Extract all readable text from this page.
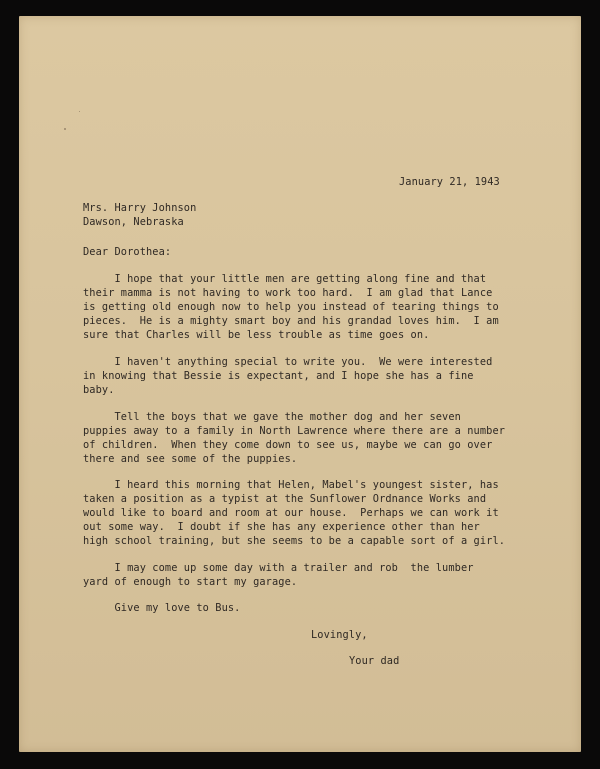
January 21, 1943
Mrs. Harry Johnson
Dawson, Nebraska
Dear Dorothea:
I hope that your little men are getting along fine and that
their mamma is not having to work too hard.  I am glad that Lance
is getting old enough now to help you instead of tearing things to
pieces.  He is a mighty smart boy and his grandad loves him.  I am
sure that Charles will be less trouble as time goes on.
I haven't anything special to write you.  We were interested
in knowing that Bessie is expectant, and I hope she has a fine
baby.
Tell the boys that we gave the mother dog and her seven
puppies away to a family in North Lawrence where there are a number
of children.  When they come down to see us, maybe we can go over
there and see some of the puppies.
I heard this morning that Helen, Mabel's youngest sister, has
taken a position as a typist at the Sunflower Ordnance Works and
would like to board and room at our house.  Perhaps we can work it
out some way.  I doubt if she has any experience other than her
high school training, but she seems to be a capable sort of a girl.
I may come up some day with a trailer and rob  the lumber
yard of enough to start my garage.
Give my love to Bus.
Lovingly,
Your dad
